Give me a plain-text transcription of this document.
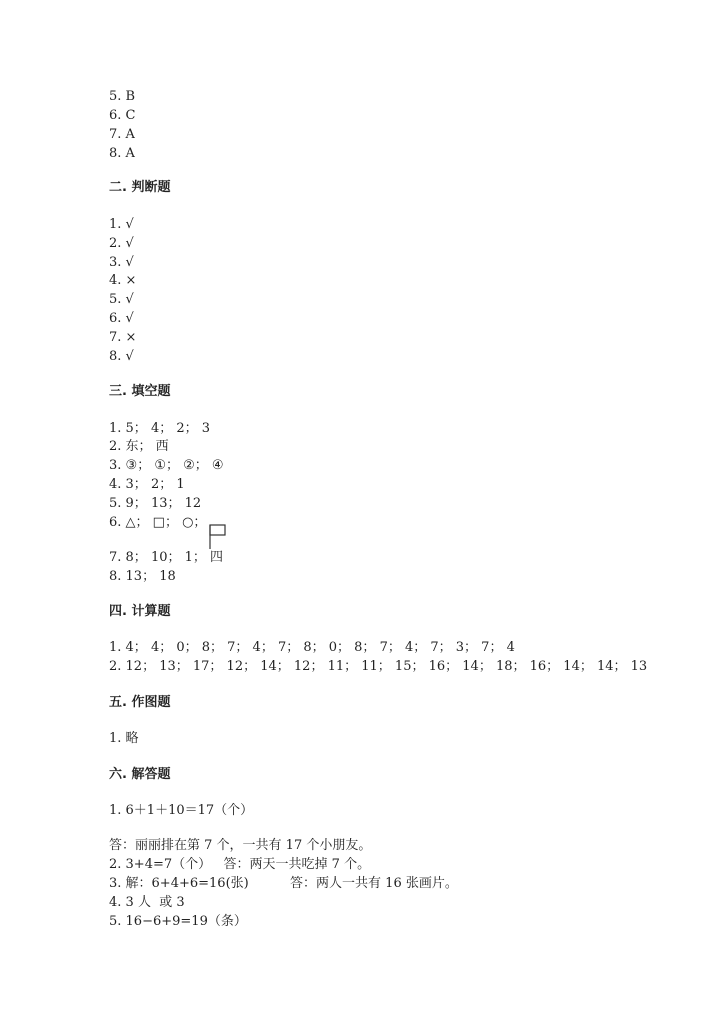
5. B
6. C
7. A
8. A
二. 判断题
1. √
2. √
3. √
4. ×
5. √
6. √
7. ×
8. √
三. 填空题
1. 5； 4； 2； 3
2. 东； 西
3. ③； ①； ②； ④
4. 3； 2； 1
5. 9； 13； 12
6. △； □； ○；
7. 8； 10； 1； 四
8. 13； 18
四. 计算题
1. 4； 4； 0； 8； 7； 4； 7； 8； 0； 8； 7； 4； 7； 3； 7； 4
2. 12； 13； 17； 12； 14； 12； 11； 11； 15； 16； 14； 18； 16； 14； 14； 13
五. 作图题
1. 略
六. 解答题
1. 6＋1＋10＝17（个）
答：丽丽排在第 7 个，一共有 17 个小朋友。
2. 3+4=7（个）   答：两天一共吃掉 7 个。
3. 解：6+4+6=16(张)          答：两人一共有 16 张画片。
4. 3 人  或 3
5. 16−6+9=19（条）
